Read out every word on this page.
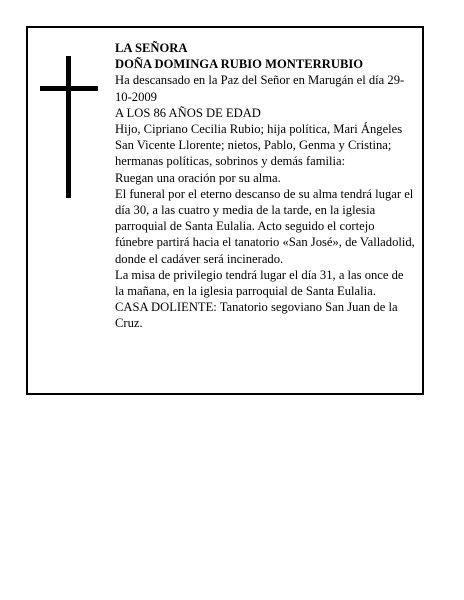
LA SEÑORA

DOÑA DOMINGA RUBIO MONTERRUBIO

Ha descansado en la Paz del Señor en Marugán el día 29-10-2009

A LOS 86 AÑOS DE EDAD

Hijo, Cipriano Cecilia Rubio; hija política, Mari Ángeles San Vicente Llorente; nietos, Pablo, Genma y Cristina; hermanas políticas, sobrinos y demás familia:

Ruegan una oración por su alma.

El funeral por el eterno descanso de su alma tendrá lugar el día 30, a las cuatro y media de la tarde, en la iglesia parroquial de Santa Eulalia. Acto seguido el cortejo fúnebre partirá hacia el tanatorio «San José», de Valladolid, donde el cadáver será incinerado.

La misa de privilegio tendrá lugar el día 31, a las once de la mañana, en la iglesia parroquial de Santa Eulalia.

CASA DOLIENTE: Tanatorio segoviano San Juan de la Cruz.
